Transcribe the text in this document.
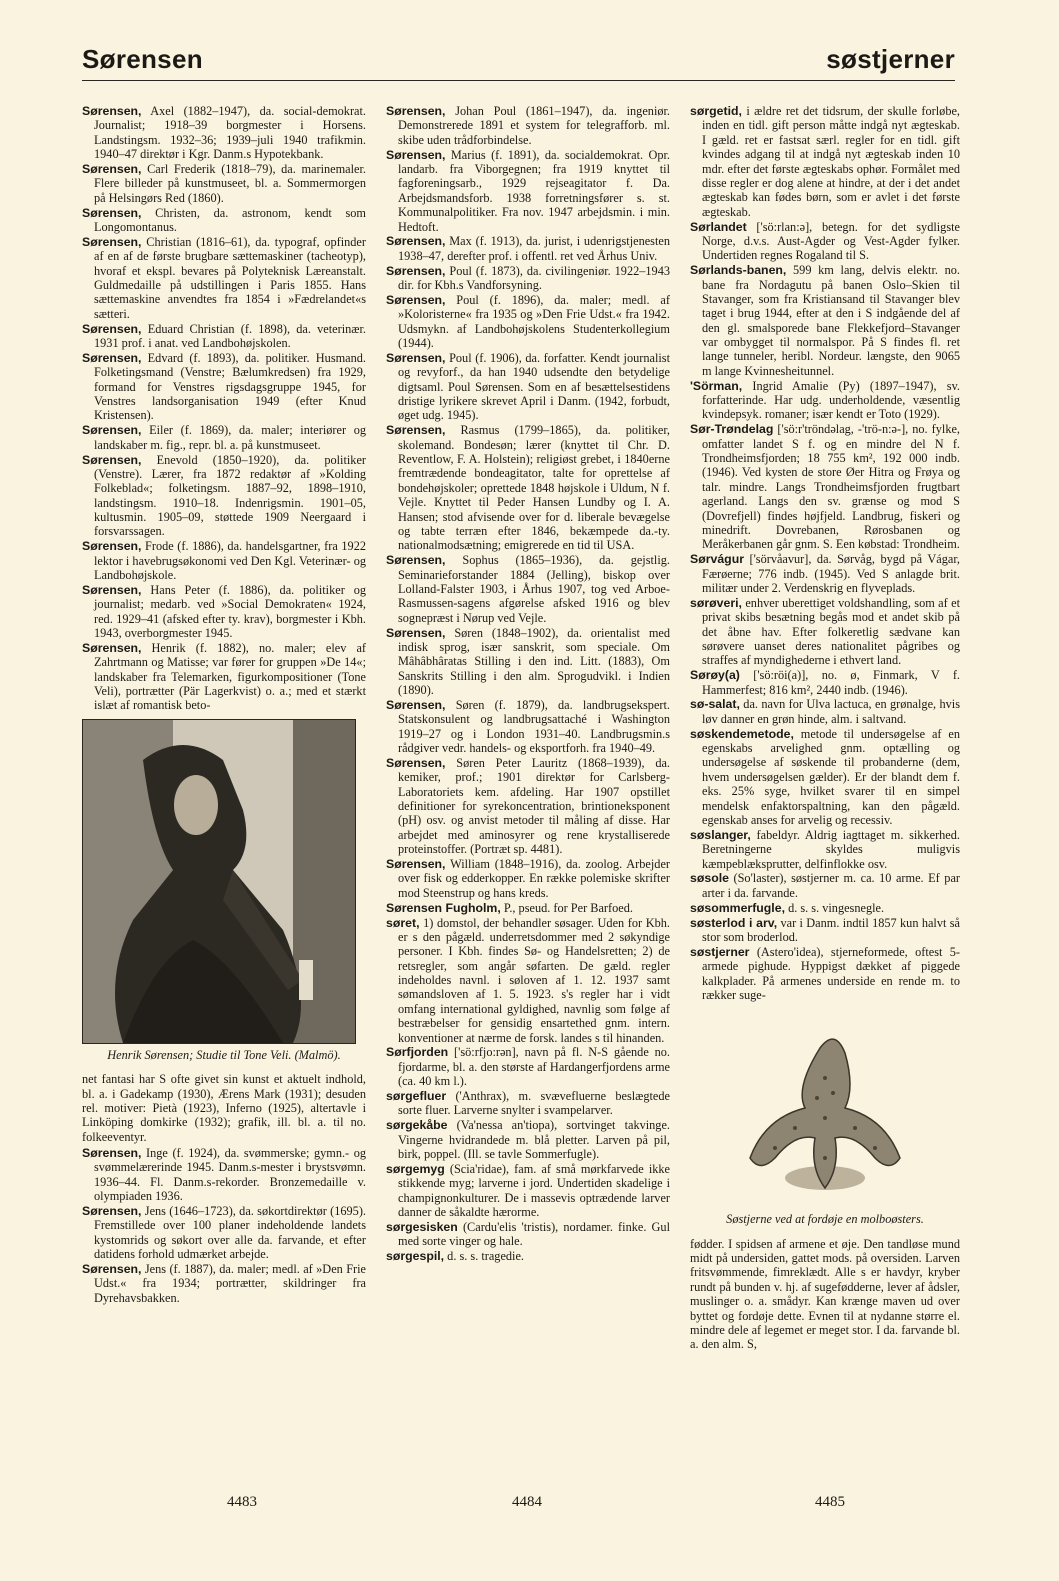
Sørensen	søstjerner
Sørensen, Axel (1882–1947), da. social-demokrat. Journalist; 1918–39 borgmester i Horsens. Landstingsm. 1932–36; 1939–juli 1940 trafikmin. 1940–47 direktør i Kgr. Danm.s Hypotekbank.
Sørensen, Carl Frederik (1818–79), da. marinemaler. Flere billeder på kunstmuseet, bl. a. Sommermorgen på Helsingørs Red (1860).
Sørensen, Christen, da. astronom, kendt som Longomontanus.
Sørensen, Christian (1816–61), da. typograf, opfinder af en af de første brugbare sættemaskiner (tacheotyp), hvoraf et ekspl. bevares på Polyteknisk Læreanstalt. Guldmedaille på udstillingen i Paris 1855. Hans sættemaskine anvendtes fra 1854 i »Fædrelandet«s sætteri.
Sørensen, Eduard Christian (f. 1898), da. veterinær. 1931 prof. i anat. ved Landbohøjskolen.
Sørensen, Edvard (f. 1893), da. politiker. Husmand. Folketingsmand (Venstre; Bælumkredsen) fra 1929, formand for Venstres rigsdagsgruppe 1945, for Venstres landsorganisation 1949 (efter Knud Kristensen).
Sørensen, Eiler (f. 1869), da. maler; interiører og landskaber m. fig., repr. bl. a. på kunstmuseet.
Sørensen, Enevold (1850–1920), da. politiker (Venstre). Lærer, fra 1872 redaktør af »Kolding Folkeblad«; folketingsm. 1887–92, 1898–1910, landstingsm. 1910–18. Indenrigsmin. 1901–05, kultusmin. 1905–09, støttede 1909 Neergaard i forsvarssagen.
Sørensen, Frode (f. 1886), da. handelsgartner, fra 1922 lektor i havebrugsøkonomi ved Den Kgl. Veterinær- og Landbohøjskole.
Sørensen, Hans Peter (f. 1886), da. politiker og journalist; medarb. ved »Social Demokraten« 1924, red. 1929–41 (afsked efter ty. krav), borgmester i Kbh. 1943, overborgmester 1945.
Sørensen, Henrik (f. 1882), no. maler; elev af Zahrtmann og Matisse; var fører for gruppen »De 14«; landskaber fra Telemarken, figurkompositioner (Tone Veli), portrætter (Pär Lagerkvist) o. a.; med et stærkt islæt af romantisk beto-
Henrik Sørensen; Studie til Tone Veli. (Malmö).
net fantasi har S ofte givet sin kunst et aktuelt indhold, bl. a. i Gadekamp (1930), Ærens Mark (1931); desuden rel. motiver: Pietà (1923), Inferno (1925), altertavle i Linköping domkirke (1932); grafik, ill. bl. a. til no. folkeeventyr.
Sørensen, Inge (f. 1924), da. svømmerske; gymn.- og svømmelærerinde 1945. Danm.s-mester i brystsvømn. 1936–44. Fl. Danm.s-rekorder. Bronzemedaille v. olympiaden 1936.
Sørensen, Jens (1646–1723), da. søkortdirektør (1695). Fremstillede over 100 planer indeholdende landets kystomrids og søkort over alle da. farvande, et efter datidens forhold udmærket arbejde.
Sørensen, Jens (f. 1887), da. maler; medl. af »Den Frie Udst.« fra 1934; portrætter, skildringer fra Dyrehavsbakken.
Sørensen, Johan Poul (1861–1947), da. ingeniør. Demonstrerede 1891 et system for telegrafforb. ml. skibe uden trådforbindelse.
Sørensen, Marius (f. 1891), da. socialdemokrat. Opr. landarb. fra Viborgegnen; fra 1919 knyttet til fagforeningsarb., 1929 rejseagitator f. Da. Arbejdsmandsforb. 1938 forretningsfører s. st. Kommunalpolitiker. Fra nov. 1947 arbejdsmin. i min. Hedtoft.
Sørensen, Max (f. 1913), da. jurist, i udenrigstjenesten 1938–47, derefter prof. i offentl. ret ved Århus Univ.
Sørensen, Poul (f. 1873), da. civilingeniør. 1922–1943 dir. for Kbh.s Vandforsyning.
Sørensen, Poul (f. 1896), da. maler; medl. af »Koloristerne« fra 1935 og »Den Frie Udst.« fra 1942. Udsmykn. af Landbohøjskolens Studenterkollegium (1944).
Sørensen, Poul (f. 1906), da. forfatter. Kendt journalist og revyforf., da han 1940 udsendte den betydelige digtsaml. Poul Sørensen. Som en af besættelsestidens dristige lyrikere skrevet April i Danm. (1942, forbudt, øget udg. 1945).
Sørensen, Rasmus (1799–1865), da. politiker, skolemand. Bondesøn; lærer (knyttet til Chr. D. Reventlow, F. A. Holstein); religiøst grebet, i 1840erne fremtrædende bondeagitator, talte for oprettelse af bondehøjskoler; oprettede 1848 højskole i Uldum, N f. Vejle. Knyttet til Peder Hansen Lundby og I. A. Hansen; stod afvisende over for d. liberale bevægelse og tabte terræn efter 1846, bekæmpede da.-ty. nationalmodsætning; emigrerede en tid til USA.
Sørensen, Sophus (1865–1936), da. gejstlig. Seminarieforstander 1884 (Jelling), biskop over Lolland-Falster 1903, i Århus 1907, tog ved Arboe-Rasmussen-sagens afgørelse afsked 1916 og blev sognepræst i Nørup ved Vejle.
Sørensen, Søren (1848–1902), da. orientalist med indisk sprog, især sanskrit, som speciale. Om Mâhâbhâratas Stilling i den ind. Litt. (1883), Om Sanskrits Stilling i den alm. Sprogudvikl. i Indien (1890).
Sørensen, Søren (f. 1879), da. landbrugsekspert. Statskonsulent og landbrugsattaché i Washington 1919–27 og i London 1931–40. Landbrugsmin.s rådgiver vedr. handels- og eksportforh. fra 1940–49.
Sørensen, Søren Peter Lauritz (1868–1939), da. kemiker, prof.; 1901 direktør for Carlsberg-Laboratoriets kem. afdeling. Har 1907 opstillet definitioner for syrekoncentration, brintioneksponent (pH) osv. og anvist metoder til måling af disse. Har arbejdet med aminosyrer og rene krystalliserede proteinstoffer. (Portræt sp. 4481).
Sørensen, William (1848–1916), da. zoolog. Arbejder over fisk og edderkopper. En række polemiske skrifter mod Steenstrup og hans kreds.
Sørensen Fugholm, P., pseud. for Per Barfoed.
søret, 1) domstol, der behandler søsager. Uden for Kbh. er s den pågæld. underretsdommer med 2 søkyndige personer. I Kbh. findes Sø- og Handelsretten; 2) de retsregler, som angår søfarten. De gæld. regler indeholdes navnl. i søloven af 1. 12. 1937 samt sømandsloven af 1. 5. 1923. s's regler har i vidt omfang international gyldighed, navnlig som følge af bestræbelser for gensidig ensartethed gnm. intern. konventioner at nærme de forsk. landes s til hinanden.
Sørfjorden ['sö:rfjo:rən], navn på fl. N-S gående no. fjordarme, bl. a. den største af Hardangerfjordens arme (ca. 40 km l.).
sørgefluer ('Anthrax), m. svævefluerne beslægtede sorte fluer. Larverne snylter i svampelarver.
sørgekåbe (Va'nessa an'tiopa), sortvinget takvinge. Vingerne hvidrandede m. blå pletter. Larven på pil, birk, poppel. (Ill. se tavle Sommerfugle).
sørgemyg (Scia'ridae), fam. af små mørkfarvede ikke stikkende myg; larverne i jord. Undertiden skadelige i champignonkulturer. De i massevis optrædende larver danner de såkaldte hærorme.
sørgesisken (Cardu'elis 'tristis), nordamer. finke. Gul med sorte vinger og hale.
sørgespil, d. s. s. tragedie.
sørgetid, i ældre ret det tidsrum, der skulle forløbe, inden en tidl. gift person måtte indgå nyt ægteskab. I gæld. ret er fastsat særl. regler for en tidl. gift kvindes adgang til at indgå nyt ægteskab inden 10 mdr. efter det første ægteskabs ophør. Formålet med disse regler er dog alene at hindre, at der i det andet ægteskab kan fødes børn, som er avlet i det første ægteskab.
Sørlandet ['sö:rlan:ə], betegn. for det sydligste Norge, d.v.s. Aust-Agder og Vest-Agder fylker. Undertiden regnes Rogaland til S.
Sørlands-banen, 599 km lang, delvis elektr. no. bane fra Nordagutu på banen Oslo–Skien til Stavanger, som fra Kristiansand til Stavanger blev taget i brug 1944, efter at den i S indgående del af den gl. smalsporede bane Flekkefjord–Stavanger var ombygget til normalspor. På S findes fl. ret lange tunneler, heribl. Nordeur. længste, den 9065 m lange Kvinnesheitunnel.
'Sörman, Ingrid Amalie (Py) (1897–1947), sv. forfatterinde. Har udg. underholdende, væsentlig kvindepsyk. romaner; især kendt er Toto (1929).
Sør-Trøndelag ['sö:r'tröndəlag, -'trö-n:ə-], no. fylke, omfatter landet S f. og en mindre del N f. Trondheimsfjorden; 18 755 km², 192 000 indb. (1946). Ved kysten de store Øer Hitra og Frøya og talr. mindre. Langs Trondheimsfjorden frugtbart agerland. Langs den sv. grænse og mod S (Dovrefjell) findes højfjeld. Landbrug, fiskeri og minedrift. Dovrebanen, Rørosbanen og Meråkerbanen går gnm. S. Een købstad: Trondheim.
Sørvágur ['sörvåavur], da. Sørvåg, bygd på Vágar, Færøerne; 776 indb. (1945). Ved S anlagde brit. militær under 2. Verdenskrig en flyveplads.
sørøveri, enhver uberettiget voldshandling, som af et privat skibs besætning begås mod et andet skib på det åbne hav. Efter folkeretlig sædvane kan sørøvere uanset deres nationalitet pågribes og straffes af myndighederne i ethvert land.
Sørøy(a) ['sö:röi(a)], no. ø, Finmark, V f. Hammerfest; 816 km², 2440 indb. (1946).
sø-salat, da. navn for Ulva lactuca, en grønalge, hvis løv danner en grøn hinde, alm. i saltvand.
søskendemetode, metode til undersøgelse af en egenskabs arvelighed gnm. optælling og undersøgelse af søskende til probanderne (dem, hvem undersøgelsen gælder). Er der blandt dem f. eks. 25% syge, hvilket svarer til en simpel mendelsk enfaktorspaltning, kan den pågæld. egenskab anses for arvelig og recessiv.
søslanger, fabeldyr. Aldrig iagttaget m. sikkerhed. Beretningerne skyldes muligvis kæmpeblæksprutter, delfinflokke osv.
søsole (So'laster), søstjerner m. ca. 10 arme. Ef par arter i da. farvande.
søsommerfugle, d. s. s. vingesnegle.
søsterlod i arv, var i Danm. indtil 1857 kun halvt så stor som broderlod.
søstjerner (Astero'idea), stjerneformede, oftest 5-armede pighude. Hyppigst dækket af piggede kalkplader. På armenes underside en rende m. to rækker suge-
Søstjerne ved at fordøje en molboøsters.
fødder. I spidsen af armene et øje. Den tandløse mund midt på undersiden, gattet mods. på oversiden. Larven fritsvømmende, fimreklædt. Alle s er havdyr, kryber rundt på bunden v. hj. af sugefødderne, lever af ådsler, muslinger o. a. smådyr. Kan krænge maven ud over byttet og fordøje dette. Evnen til at nydanne større el. mindre dele af legemet er meget stor. I da. farvande bl. a. den alm. S,
4483	4484	4485
